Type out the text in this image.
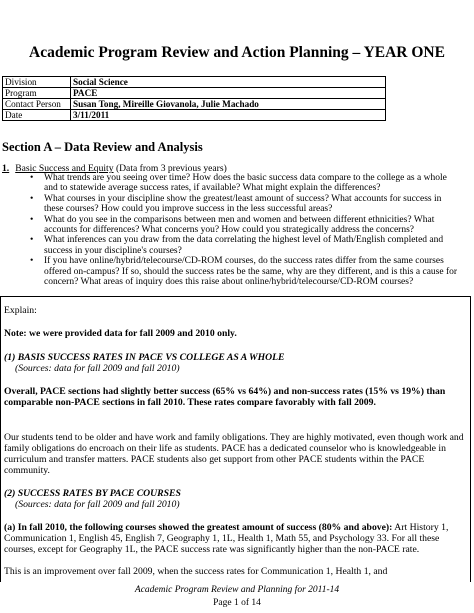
Academic Program Review and Action Planning – YEAR ONE
Division	Social Science
Program	PACE
Contact Person	Susan Tong, Mireille Giovanola, Julie Machado
Date	3/11/2011
Section A – Data Review and Analysis
1. Basic Success and Equity (Data from 3 previous years)
• What trends are you seeing over time? How does the basic success data compare to the college as a whole and to statewide average success rates, if available? What might explain the differences?
• What courses in your discipline show the greatest/least amount of success? What accounts for success in these courses? How could you improve success in the less successful areas?
• What do you see in the comparisons between men and women and between different ethnicities? What accounts for differences? What concerns you? How could you strategically address the concerns?
• What inferences can you draw from the data correlating the highest level of Math/English completed and success in your discipline's courses?
• If you have online/hybrid/telecourse/CD-ROM courses, do the success rates differ from the same courses offered on-campus? If so, should the success rates be the same, why are they different, and is this a cause for concern? What areas of inquiry does this raise about online/hybrid/telecourse/CD-ROM courses?

Explain:

Note: we were provided data for fall 2009 and 2010 only.

(1) BASIS SUCCESS RATES IN PACE VS COLLEGE AS A WHOLE

(Sources: data for fall 2009 and fall 2010)

Overall, PACE sections had slightly better success (65% vs 64%) and non-success rates (15% vs 19%) than comparable non-PACE sections in fall 2010. These rates compare favorably with fall 2009.

Our students tend to be older and have work and family obligations. They are highly motivated, even though work and family obligations do encroach on their life as students. PACE has a dedicated counselor who is knowledgeable in curriculum and transfer matters. PACE students also get support from other PACE students within the PACE community.

(2) SUCCESS RATES BY PACE COURSES

(Sources: data for fall 2009 and fall 2010)

(a) In fall 2010, the following courses showed the greatest amount of success (80% and above): Art History 1, Communication 1, English 45, English 7, Geography 1, 1L, Health 1, Math 55, and Psychology 33. For all these courses, except for Geography 1L, the PACE success rate was significantly higher than the non-PACE rate.

This is an improvement over fall 2009, when the success rates for Communication 1, Health 1, and

Academic Program Review and Planning for 2011-14
Page 1 of 14
